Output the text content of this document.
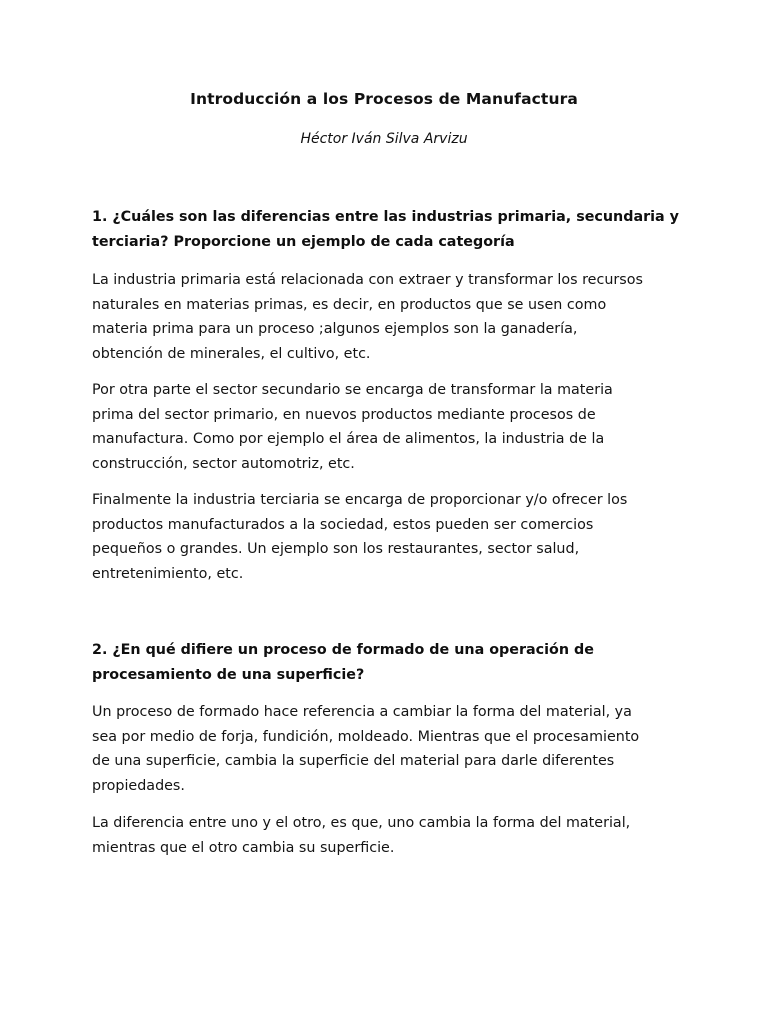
Introducción a los Procesos de Manufactura
Héctor Iván Silva Arvizu
1. ¿Cuáles son las diferencias entre las industrias primaria, secundaria y
terciaria? Proporcione un ejemplo de cada categoría
La industria primaria está relacionada con extraer y transformar los recursos
naturales en materias primas, es decir, en productos que se usen como
materia prima para un proceso ;algunos ejemplos son la ganadería,
obtención de minerales, el cultivo, etc.
Por otra parte el sector secundario se encarga de transformar la materia
prima del sector primario, en nuevos productos mediante procesos de
manufactura. Como por ejemplo el área de alimentos, la industria de la
construcción, sector automotriz, etc.
Finalmente la industria terciaria se encarga de proporcionar y/o ofrecer los
productos manufacturados a la sociedad, estos pueden ser comercios
pequeños o grandes. Un ejemplo son los restaurantes, sector salud,
entretenimiento, etc.
2. ¿En qué difiere un proceso de formado de una operación de
procesamiento de una superficie?
Un proceso de formado hace referencia a cambiar la forma del material, ya
sea por medio de forja, fundición, moldeado. Mientras que el procesamiento
de una superficie, cambia la superficie del material para darle diferentes
propiedades.
La diferencia entre uno y el otro, es que, uno cambia la forma del material,
mientras que el otro cambia su superficie.
